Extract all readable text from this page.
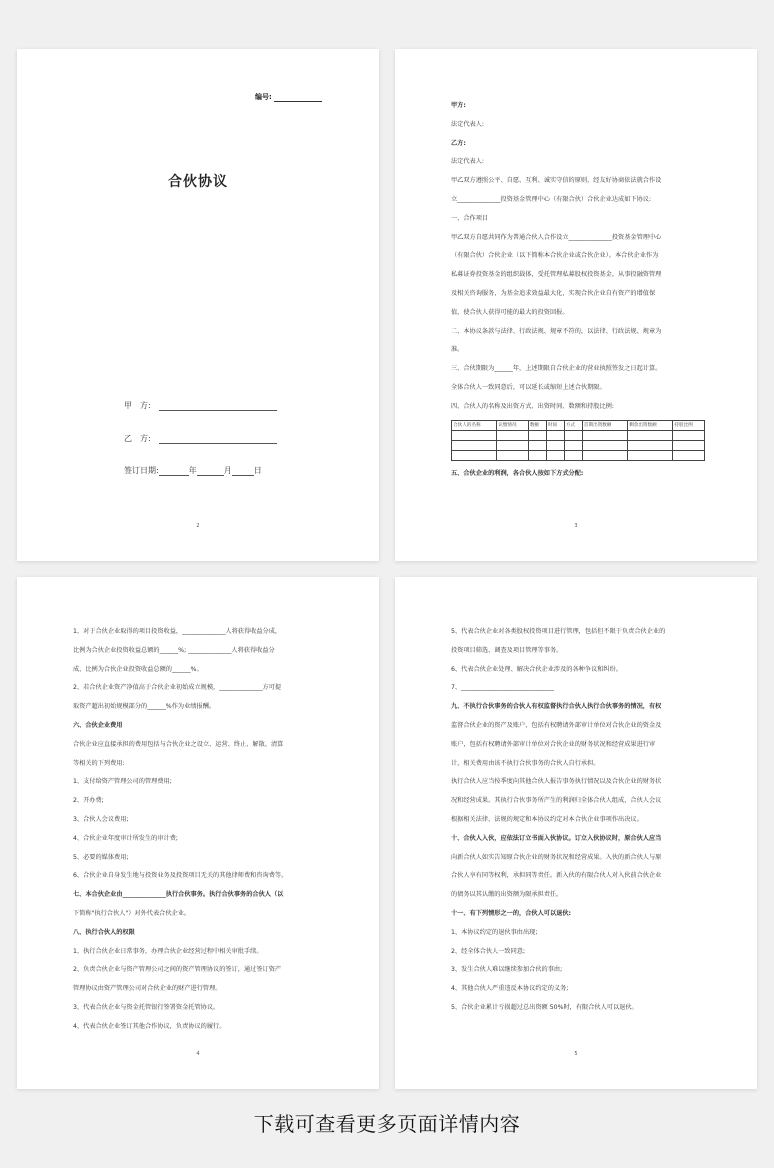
编号:
合伙协议
甲　方:
乙　方:
签订日期:	年	月	日
2

甲方:

法定代表人:

乙方:

法定代表人:

甲乙双方遵照公平、自愿、互利、诚实守信的原则，经友好协商依法就合作设

立______________投资基金管理中心（有限合伙）合伙企业达成如下协议:

一、合作项目

甲乙双方自愿共同作为普通合伙人合作设立______________投资基金管理中心

（有限合伙）合伙企业（以下简称本合伙企业或合伙企业）。本合伙企业作为

私募证券投资基金的组织载体，受托管理私募股权投资基金，从事投融资管理

及相关咨询服务，为基金追求效益最大化，实现合伙企业自有资产的增值保

值，使合伙人获得可能的最大的投资回报。

二、本协议条款与法律、行政法规、规章不符的，以法律、行政法规、规章为

准。

三、合伙期限为______年，上述期限自合伙企业的营业执照签发之日起计算。

全体合伙人一致同意后，可以延长或缩短上述合伙期限。

四、合伙人的名称及出资方式、出资时间、数额和持股比例:

合伙人的名称	认缴情况	数额	时间	方式	首期出资数额	剩余出资数额	持股比例

五、合伙企业的利润，各合伙人按如下方式分配:

3

1、对于合伙企业取得的项目投资收益，______________人将获得收益分成，

比例为合伙企业投资收益总额的______%; ______________人将获得收益分

成，比例为合伙企业投资收益总额的______%。

2、若合伙企业资产净值高于合伙企业初始成立规模，______________方可提

取资产超出初始规模部分的______%作为业绩报酬。

六、合伙企业费用

合伙企业应直接承担的费用包括与合伙企业之设立、运营、终止、解散、清算

等相关的下列费用:

1、支付给资产管理公司的管理费用;

2、开办费;

3、合伙人会议费用;

4、合伙企业年度审计所发生的审计费;

5、必要的媒体费用;

6、合伙企业自身发生地与投资业务及投资项目无关的其他律师费和咨询费等。

七、本合伙企业由______________执行合伙事务。执行合伙事务的合伙人（以

下简称"执行合伙人"）对外代表合伙企业。

八、执行合伙人的权限

1、执行合伙企业日常事务，办理合伙企业经营过程中相关审批手续。

2、负责合伙企业与资产管理公司之间的资产管理协议的签订，通过签订资产

管理协议由资产管理公司对合伙企业的财产进行管理。

3、代表合伙企业与资金托管银行签署资金托管协议。

4、代表合伙企业签订其他合作协议，负责协议的履行。

4

5、代表合伙企业对各类股权投资项目进行管理，包括但不限于负责合伙企业的

投资项目筛选、调查及项目管理等事务。

6、代表合伙企业处理、解决合伙企业涉及的各种争议和纠纷。

7、______________________________

九、不执行合伙事务的合伙人有权监督执行合伙人执行合伙事务的情况，有权

监督合伙企业的资产及账户，包括有权聘请外部审计单位对合伙企业的资金及

账户，包括有权聘请外部审计单位对合伙企业的财务状况和经营成果进行审

计，相关费用由该不执行合伙事务的合伙人自行承担。

执行合伙人应当按季度向其他合伙人报告事务执行情况以及合伙企业的财务状

况和经营成果。其执行合伙事务所产生的利润归全体合伙人组成，合伙人会议

根据相关法律、法规的规定和本协议约定对本合伙企业事项作出决议。

十、合伙人入伙，应依法订立书面入伙协议。订立入伙协议时，原合伙人应当

向新合伙人如实告知原合伙企业的财务状况和经营成果。入伙的新合伙人与原

合伙人享有同等权利，承担同等责任。新入伙的有限合伙人对入伙前合伙企业

的债务以其认缴的出资额为限承担责任。

十一、有下列情形之一的，合伙人可以退伙:

1、本协议约定的退伙事由出现;

2、经全体合伙人一致同意;

3、发生合伙人难以继续参加合伙的事由;

4、其他合伙人严重违反本协议约定的义务;

5、合伙企业累计亏损超过总出资额 50%时，有限合伙人可以退伙。

5
下载可查看更多页面详情内容
